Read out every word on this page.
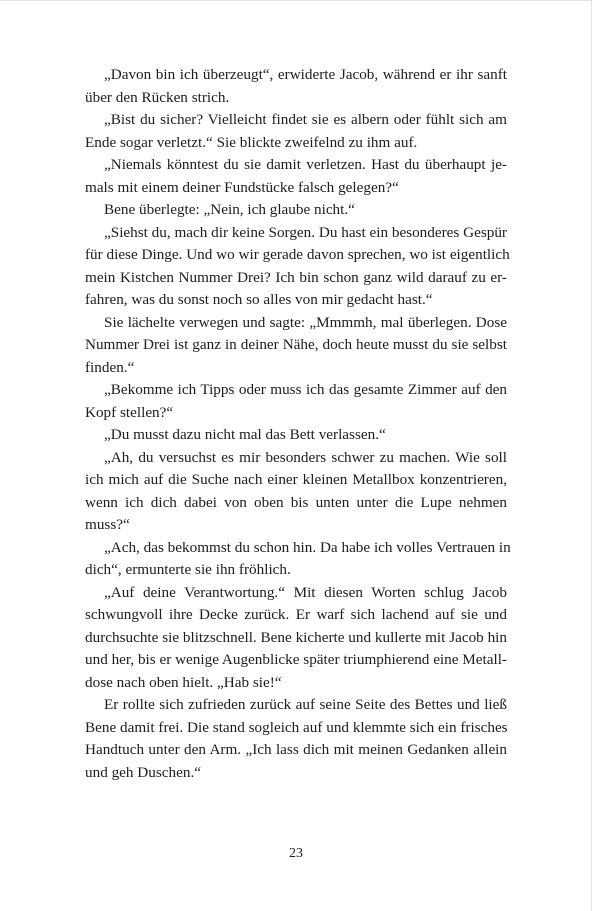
„Davon bin ich überzeugt“, erwiderte Jacob, während er ihr sanft
über den Rücken strich.

„Bist du sicher? Vielleicht findet sie es albern oder fühlt sich am
Ende sogar verletzt.“ Sie blickte zweifelnd zu ihm auf.

„Niemals könntest du sie damit verletzen. Hast du überhaupt je-
mals mit einem deiner Fundstücke falsch gelegen?“

Bene überlegte: „Nein, ich glaube nicht.“

„Siehst du, mach dir keine Sorgen. Du hast ein besonderes Gespür
für diese Dinge. Und wo wir gerade davon sprechen, wo ist eigentlich
mein Kistchen Nummer Drei? Ich bin schon ganz wild darauf zu er-
fahren, was du sonst noch so alles von mir gedacht hast.“

Sie lächelte verwegen und sagte: „Mmmmh, mal überlegen. Dose
Nummer Drei ist ganz in deiner Nähe, doch heute musst du sie selbst
finden.“

„Bekomme ich Tipps oder muss ich das gesamte Zimmer auf den
Kopf stellen?“

„Du musst dazu nicht mal das Bett verlassen.“

„Ah, du versuchst es mir besonders schwer zu machen. Wie soll
ich mich auf die Suche nach einer kleinen Metallbox konzentrieren,
wenn ich dich dabei von oben bis unten unter die Lupe nehmen
muss?“

„Ach, das bekommst du schon hin. Da habe ich volles Vertrauen in
dich“, ermunterte sie ihn fröhlich.

„Auf deine Verantwortung.“ Mit diesen Worten schlug Jacob
schwungvoll ihre Decke zurück. Er warf sich lachend auf sie und
durchsuchte sie blitzschnell. Bene kicherte und kullerte mit Jacob hin
und her, bis er wenige Augenblicke später triumphierend eine Metall-
dose nach oben hielt. „Hab sie!“

Er rollte sich zufrieden zurück auf seine Seite des Bettes und ließ
Bene damit frei. Die stand sogleich auf und klemmte sich ein frisches
Handtuch unter den Arm. „Ich lass dich mit meinen Gedanken allein
und geh Duschen.“

23
